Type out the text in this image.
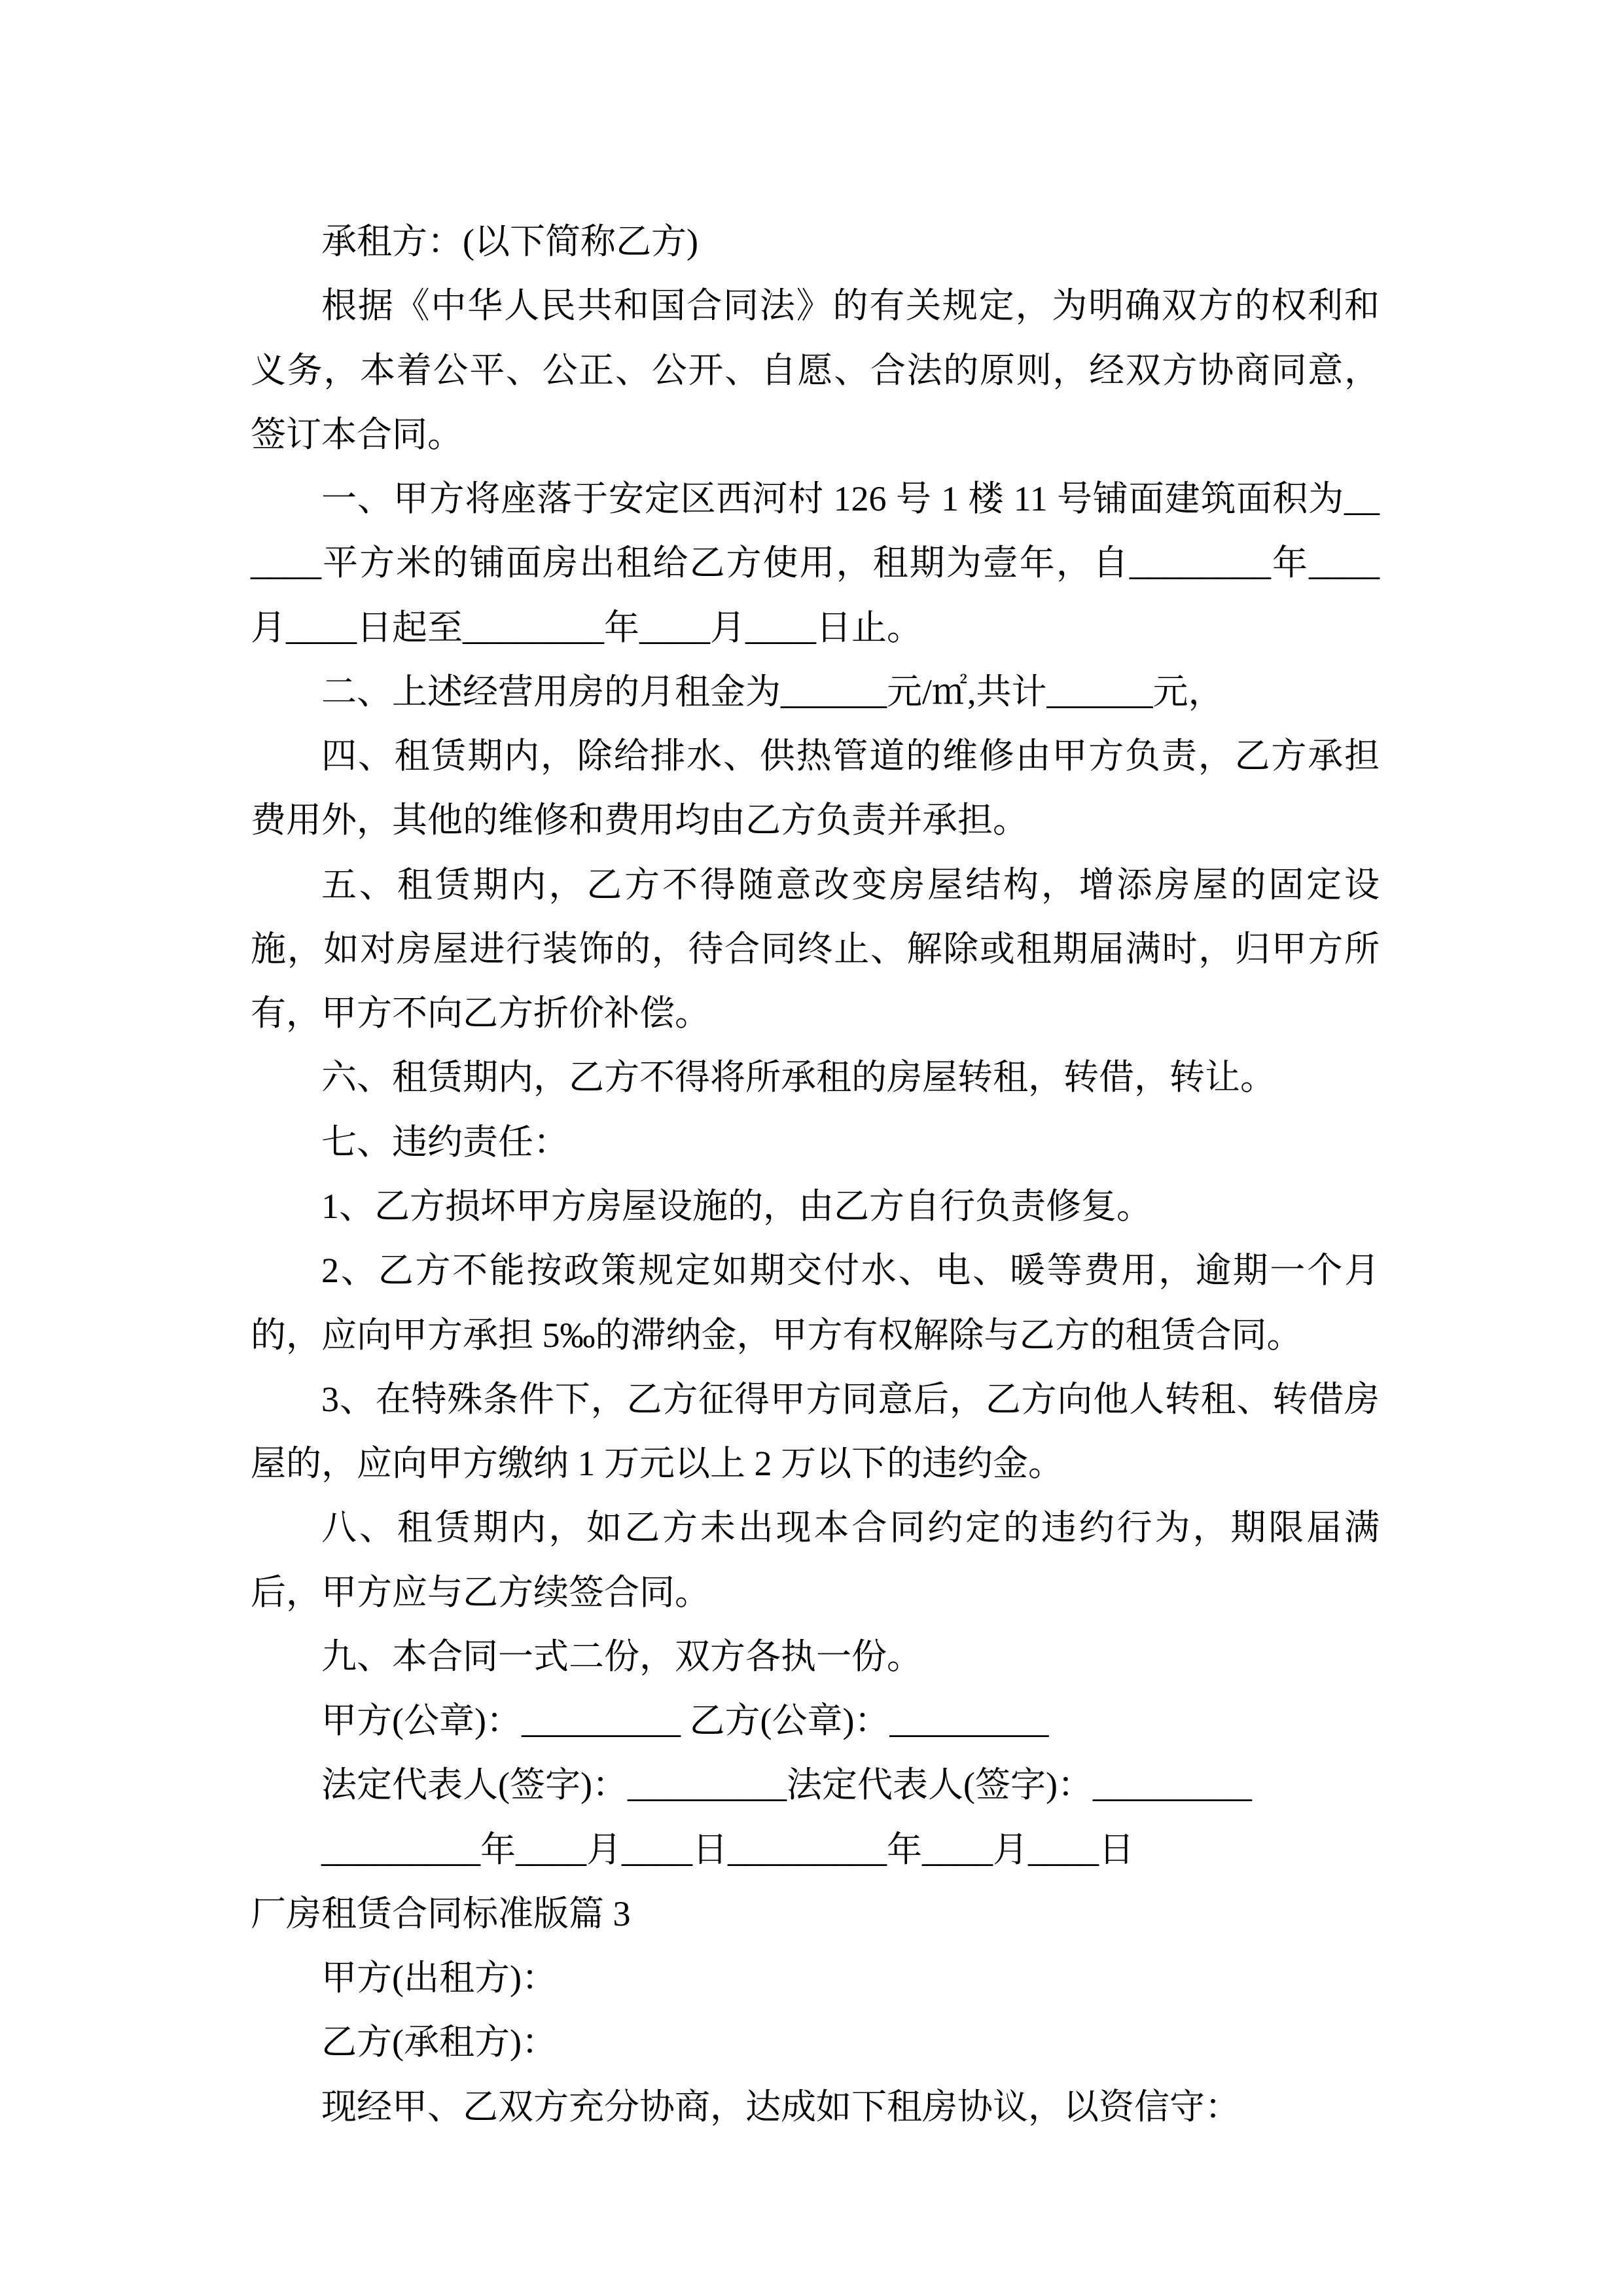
承租方：(以下简称乙方)

根据《中华人民共和国合同法》的有关规定，为明确双方的权利和义务，本着公平、公正、公开、自愿、合法的原则，经双方协商同意，签订本合同。

一、甲方将座落于安定区西河村 126 号 1 楼 11 号铺面建筑面积为______平方米的铺面房出租给乙方使用，租期为壹年，自________年____月____日起至________年____月____日止。

二、上述经营用房的月租金为______元/㎡,共计______元，

四、租赁期内，除给排水、供热管道的维修由甲方负责，乙方承担费用外，其他的维修和费用均由乙方负责并承担。

五、租赁期内，乙方不得随意改变房屋结构，增添房屋的固定设施，如对房屋进行装饰的，待合同终止、解除或租期届满时，归甲方所有，甲方不向乙方折价补偿。

六、租赁期内，乙方不得将所承租的房屋转租，转借，转让。

七、违约责任：

1、乙方损坏甲方房屋设施的，由乙方自行负责修复。

2、乙方不能按政策规定如期交付水、电、暖等费用，逾期一个月的，应向甲方承担 5‰的滞纳金，甲方有权解除与乙方的租赁合同。

3、在特殊条件下，乙方征得甲方同意后，乙方向他人转租、转借房屋的，应向甲方缴纳 1 万元以上 2 万以下的违约金。

八、租赁期内，如乙方未出现本合同约定的违约行为，期限届满后，甲方应与乙方续签合同。

九、本合同一式二份，双方各执一份。

甲方(公章)：_________ 乙方(公章)：_________

法定代表人(签字)：_________法定代表人(签字)：_________

_________年____月____日_________年____月____日

厂房租赁合同标准版篇 3

甲方(出租方)：

乙方(承租方)：

现经甲、乙双方充分协商，达成如下租房协议，以资信守：
